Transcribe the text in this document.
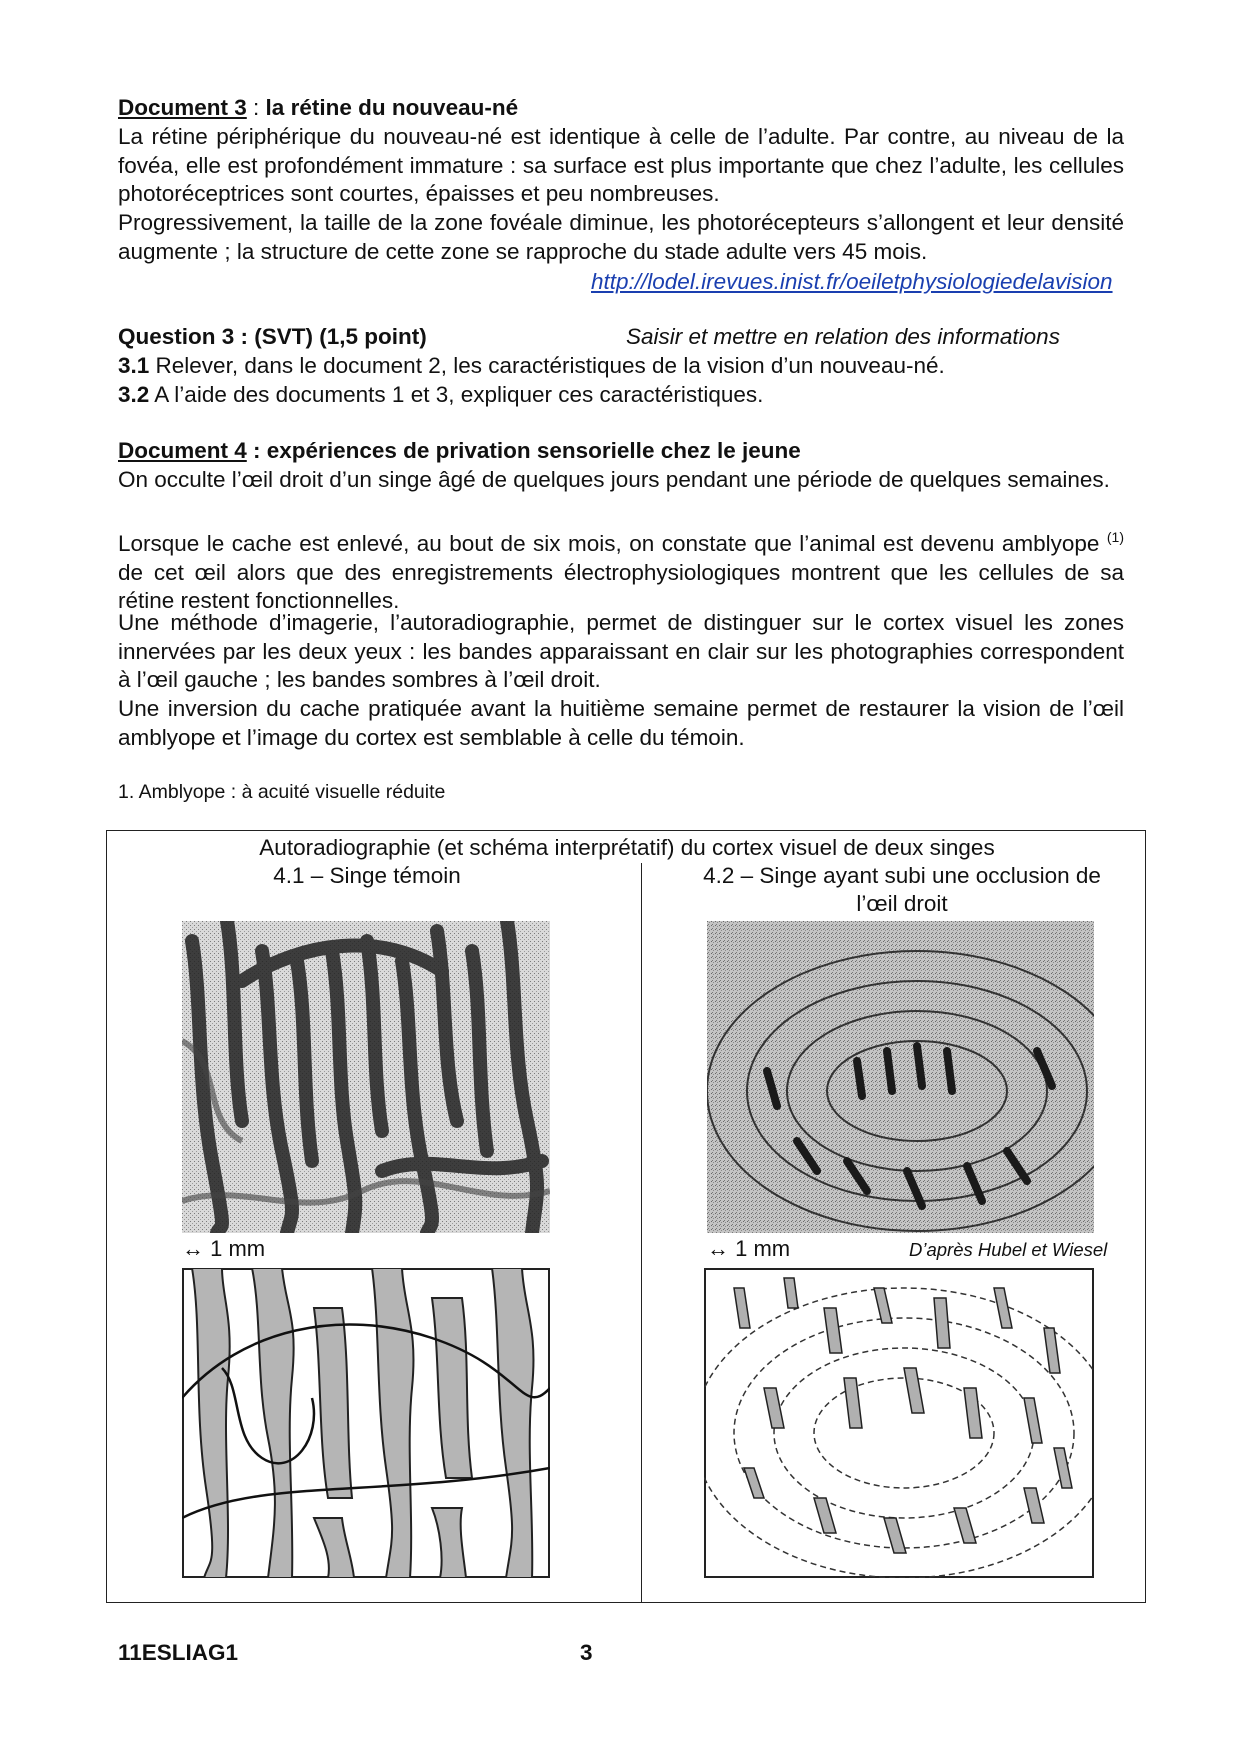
Document 3 : la rétine du nouveau-né

La rétine périphérique du nouveau-né est identique à celle de l’adulte. Par contre, au niveau de la fovéa, elle est profondément immature : sa surface est plus importante que chez l’adulte, les cellules photoréceptrices sont courtes, épaisses et peu nombreuses.

Progressivement, la taille de la zone fovéale diminue, les photorécepteurs s’allongent et leur densité augmente ; la structure de cette zone se rapproche du stade adulte vers 45 mois.

http://lodel.irevues.inist.fr/oeiletphysiologiedelavision
Question 3 : (SVT) (1,5 point)	Saisir et mettre en relation des informations
3.1 Relever, dans le document 2, les caractéristiques de la vision d’un nouveau-né.
3.2 A l’aide des documents 1 et 3, expliquer ces caractéristiques.
Document 4 : expériences de privation sensorielle chez le jeune

On occulte l’œil droit d’un singe âgé de quelques jours pendant une période de quelques semaines.

Lorsque le cache est enlevé, au bout de six mois, on constate que l’animal est devenu amblyope $^{(1)}$ de cet œil alors que des enregistrements électrophysiologiques montrent que les cellules de sa rétine restent fonctionnelles.

Une méthode d’imagerie, l’autoradiographie, permet de distinguer sur le cortex visuel les zones innervées par les deux yeux : les bandes apparaissant en clair sur les photographies correspondent à l’œil gauche ; les bandes sombres à l’œil droit.

Une inversion du cache pratiquée avant la huitième semaine permet de restaurer la vision de l’œil amblyope et l’image du cortex est semblable à celle du témoin.

1. Amblyope : à acuité visuelle réduite
Autoradiographie (et schéma interprétatif) du cortex visuel de deux singes
4.1 – Singe témoin	4.2 – Singe ayant subi une occlusion de
l’œil droit
↔ 1 mm	↔ 1 mm	D’après Hubel et Wiesel
11ESLIAG1	3
